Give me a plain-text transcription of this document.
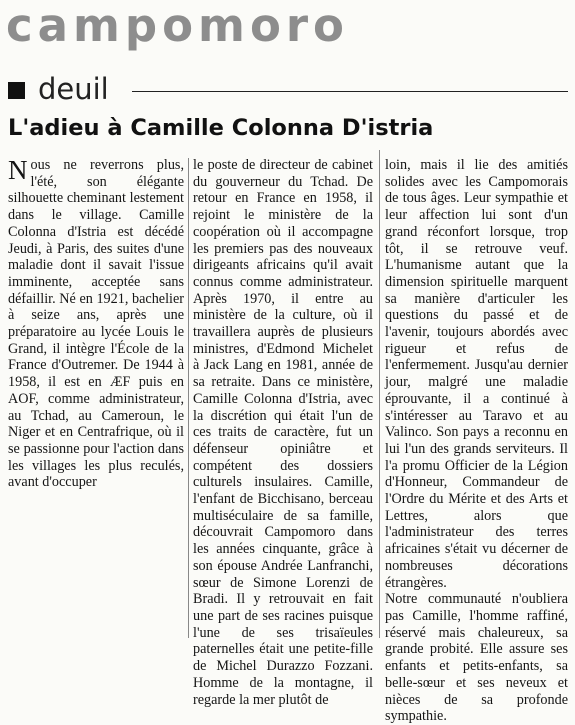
campomoro
deuil
L'adieu à Camille Colonna D'istria

Nous ne reverrons plus, l'été, son élégante silhouette cheminant lestement dans le village. Camille Colonna d'Istria est décédé Jeudi, à Paris, des suites d'une maladie dont il savait l'issue imminente, acceptée sans défaillir. Né en 1921, bachelier à seize ans, après une préparatoire au lycée Louis le Grand, il intègre l'École de la France d'Outremer. De 1944 à 1958, il est en ÆF puis en AOF, comme administrateur, au Tchad, au Cameroun, le Niger et en Centrafrique, où il se passionne pour l'action dans les villages les plus reculés, avant d'occuper

le poste de directeur de cabinet du gouverneur du Tchad. De retour en France en 1958, il rejoint le ministère de la coopération où il accompagne les premiers pas des nouveaux dirigeants africains qu'il avait connus comme administrateur. Après 1970, il entre au ministère de la culture, où il travaillera auprès de plusieurs ministres, d'Edmond Michelet à Jack Lang en 1981, année de sa retraite. Dans ce ministère, Camille Colonna d'Istria, avec la discrétion qui était l'un de ces traits de caractère, fut un défenseur opiniâtre et compétent des dossiers culturels insulaires. Camille, l'enfant de Bicchisano, berceau multiséculaire de sa famille, découvrait Campomoro dans les années cinquante, grâce à son épouse Andrée Lanfranchi, sœur de Simone Lorenzi de Bradi. Il y retrouvait en fait une part de ses racines puisque l'une de ses trisaïeules paternelles était une petite-fille de Michel Durazzo Fozzani. Homme de la montagne, il regarde la mer plutôt de

loin, mais il lie des amitiés solides avec les Campomorais de tous âges. Leur sympathie et leur affection lui sont d'un grand réconfort lorsque, trop tôt, il se retrouve veuf. L'humanisme autant que la dimension spirituelle marquent sa manière d'articuler les questions du passé et de l'avenir, toujours abordés avec rigueur et refus de l'enfermement. Jusqu'au dernier jour, malgré une maladie éprouvante, il a continué à s'intéresser au Taravo et au Valinco. Son pays a reconnu en lui l'un des grands serviteurs. Il l'a promu Officier de la Légion d'Honneur, Commandeur de l'Ordre du Mérite et des Arts et Lettres, alors que l'administrateur des terres africaines s'était vu décerner de nombreuses décorations étrangères.

Notre communauté n'oubliera pas Camille, l'homme raffiné, réservé mais chaleureux, sa grande probité. Elle assure ses enfants et petits-enfants, sa belle-sœur et ses neveux et nièces de sa profonde sympathie.
